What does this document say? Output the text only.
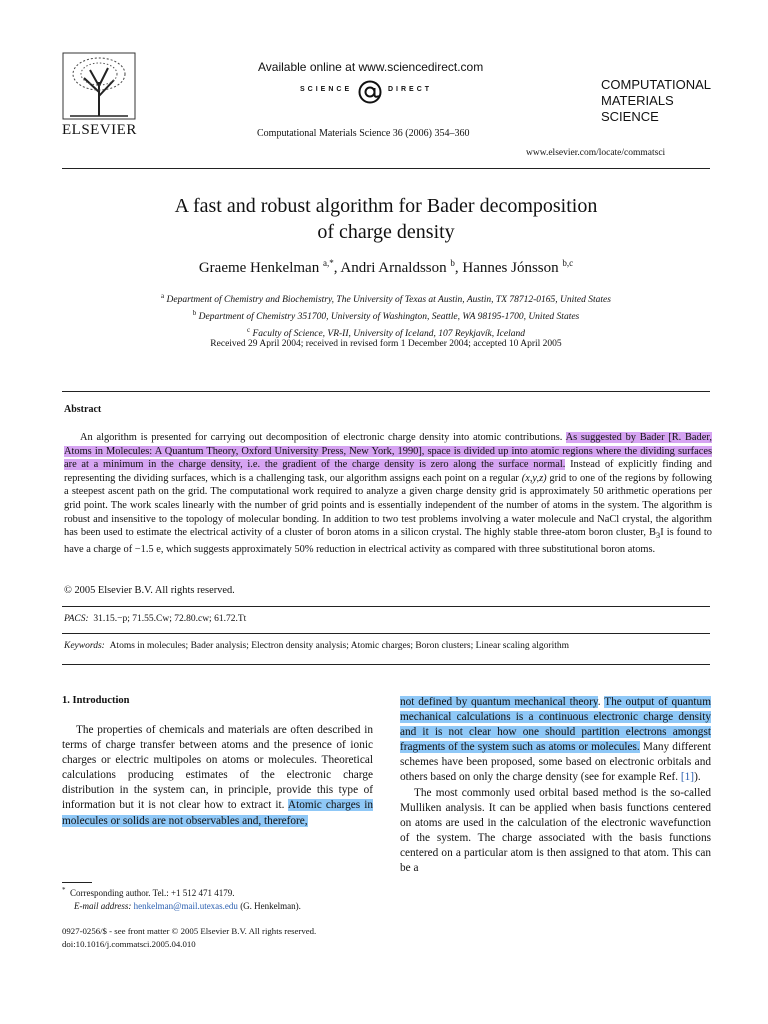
ELSEVIER
Available online at www.sciencedirect.com
SCIENCE	DIRECT
Computational Materials Science 36 (2006) 354–360
COMPUTATIONAL
MATERIALS
SCIENCE
www.elsevier.com/locate/commatsci
A fast and robust algorithm for Bader decomposition
of charge density
Graeme Henkelman $^{a,*}$, Andri Arnaldsson $^b$, Hannes Jónsson $^{b,c}$
$^a$ Department of Chemistry and Biochemistry, The University of Texas at Austin, Austin, TX 78712-0165, United States
$^b$ Department of Chemistry 351700, University of Washington, Seattle, WA 98195-1700, United States
$^c$ Faculty of Science, VR-II, University of Iceland, 107 Reykjavík, Iceland
Received 29 April 2004; received in revised form 1 December 2004; accepted 10 April 2005
Abstract
An algorithm is presented for carrying out decomposition of electronic charge density into atomic contributions. As suggested by Bader [R. Bader, Atoms in Molecules: A Quantum Theory, Oxford University Press, New York, 1990], space is divided up into atomic regions where the dividing surfaces are at a minimum in the charge density, i.e. the gradient of the charge density is zero along the surface normal. Instead of explicitly finding and representing the dividing surfaces, which is a challenging task, our algorithm assigns each point on a regular (x,y,z) grid to one of the regions by following a steepest ascent path on the grid. The computational work required to analyze a given charge density grid is approximately 50 arithmetic operations per grid point. The work scales linearly with the number of grid points and is essentially independent of the number of atoms in the system. The algorithm is robust and insensitive to the topology of molecular bonding. In addition to two test problems involving a water molecule and NaCl crystal, the algorithm has been used to estimate the electrical activity of a cluster of boron atoms in a silicon crystal. The highly stable three-atom boron cluster, $B_3I$ is found to have a charge of −1.5 e, which suggests approximately 50% reduction in electrical activity as compared with three substitutional boron atoms.
© 2005 Elsevier B.V. All rights reserved.
PACS: 31.15.−p; 71.55.Cw; 72.80.cw; 61.72.Tt
Keywords: Atoms in molecules; Bader analysis; Electron density analysis; Atomic charges; Boron clusters; Linear scaling algorithm
1. Introduction
The properties of chemicals and materials are often described in terms of charge transfer between atoms and the presence of ionic charges or electric multipoles on atoms or molecules. Theoretical calculations producing estimates of the electronic charge distribution in the system can, in principle, provide this type of information but it is not clear how to extract it. Atomic charges in molecules or solids are not observables and, therefore,

not defined by quantum mechanical theory. The output of quantum mechanical calculations is a continuous electronic charge density and it is not clear how one should partition electrons amongst fragments of the system such as atoms or molecules. Many different schemes have been proposed, some based on electronic orbitals and others based on only the charge density (see for example Ref. [1]).

The most commonly used orbital based method is the so-called Mulliken analysis. It can be applied when basis functions centered on atoms are used in the calculation of the electronic wavefunction of the system. The charge associated with the basis functions centered on a particular atom is then assigned to that atom. This can be a

* Corresponding author. Tel.: +1 512 471 4179.
E-mail address: henkelman@mail.utexas.edu (G. Henkelman).
0927-0256/$ - see front matter © 2005 Elsevier B.V. All rights reserved.
doi:10.1016/j.commatsci.2005.04.010
